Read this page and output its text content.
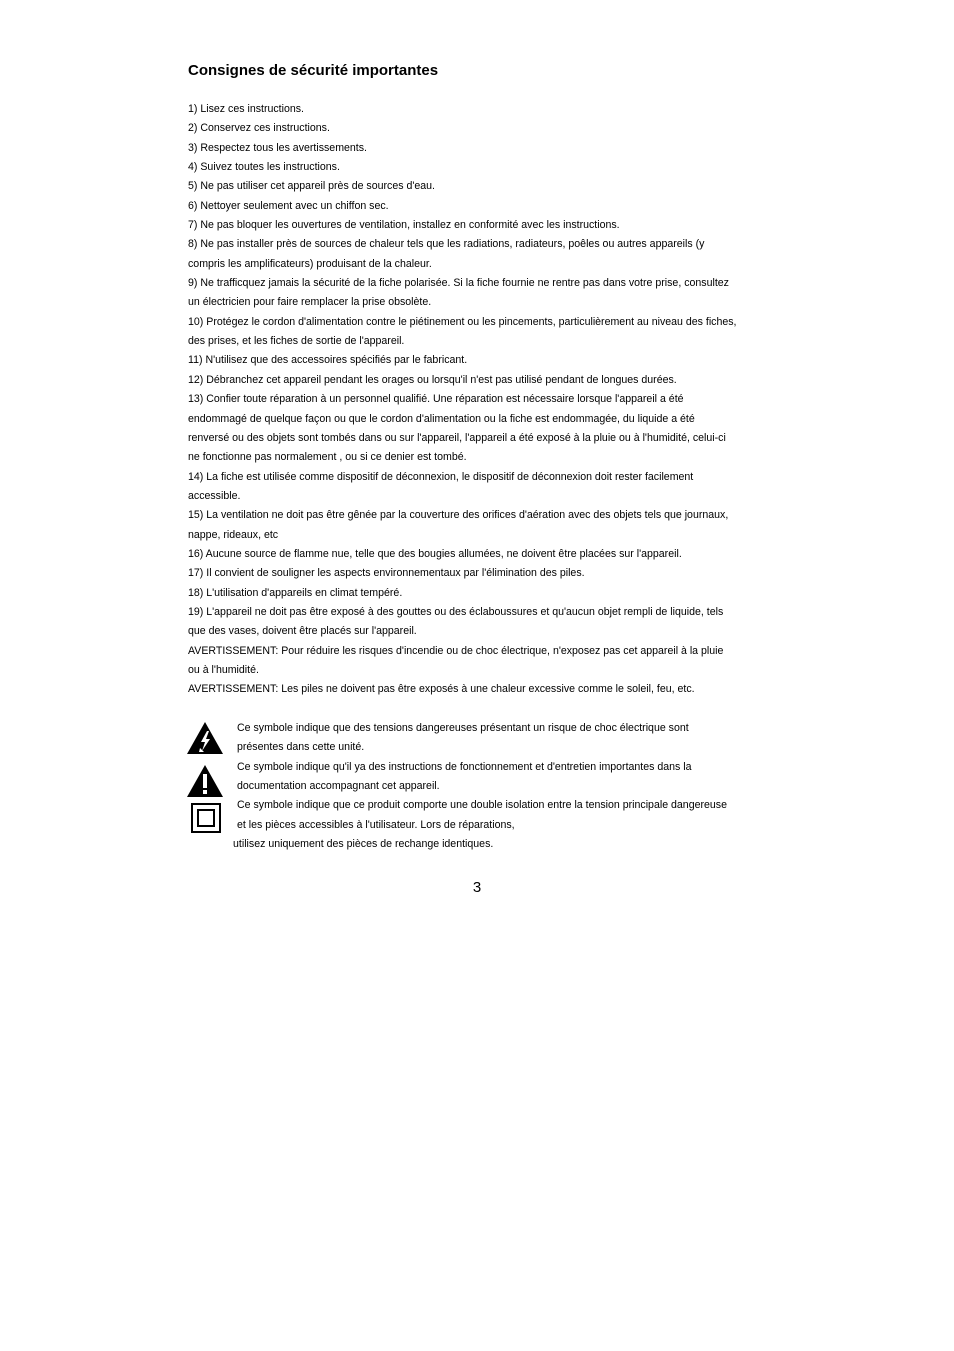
Consignes de sécurité importantes
1) Lisez ces instructions.
2) Conservez ces instructions.
3) Respectez tous les avertissements.
4) Suivez toutes les instructions.
5) Ne pas utiliser cet appareil près de sources d'eau.
6) Nettoyer seulement avec un chiffon sec.
7) Ne pas bloquer les ouvertures de ventilation, installez en conformité avec les instructions.
8) Ne pas installer près de sources de chaleur tels que les radiations, radiateurs, poêles ou autres appareils (y
compris les amplificateurs) produisant de la chaleur.
9) Ne trafficquez jamais la sécurité de la fiche polarisée. Si la fiche fournie ne rentre pas dans votre prise, consultez
un électricien pour faire remplacer la prise obsolète.
10) Protégez le cordon d'alimentation contre le piétinement ou les pincements, particulièrement au niveau des fiches,
des prises, et les fiches de sortie de l'appareil.
11) N'utilisez que des accessoires spécifiés par le fabricant.
12) Débranchez cet appareil pendant les orages ou lorsqu'il n'est pas utilisé pendant de longues durées.
13) Confier toute réparation à un personnel qualifié. Une réparation est nécessaire lorsque l'appareil a été
endommagé de quelque façon ou que le cordon d'alimentation ou la fiche est endommagée, du liquide a été
renversé ou des objets sont tombés dans ou sur l'appareil, l'appareil a été exposé à la pluie ou à l'humidité, celui-ci
ne fonctionne pas normalement , ou si ce denier est tombé.
14) La fiche est utilisée comme dispositif de déconnexion, le dispositif de déconnexion doit rester facilement
accessible.
15) La ventilation ne doit pas être gênée par la couverture des orifices d'aération avec des objets tels que journaux,
nappe, rideaux, etc
16) Aucune source de flamme nue, telle que des bougies allumées, ne doivent être placées sur l'appareil.
17) Il convient de souligner les aspects environnementaux par l'élimination des piles.
18) L'utilisation d'appareils en climat tempéré.
19) L'appareil ne doit pas être exposé à des gouttes ou des éclaboussures et qu'aucun objet rempli de liquide, tels
que des vases, doivent être placés sur l'appareil.
AVERTISSEMENT: Pour réduire les risques d'incendie ou de choc électrique, n'exposez pas cet appareil à la pluie
ou à l'humidité.
AVERTISSEMENT: Les piles ne doivent pas être exposés à une chaleur excessive comme le soleil, feu, etc.
Ce symbole indique que des tensions dangereuses présentant un risque de choc électrique sont
présentes dans cette unité.
Ce symbole indique qu'il ya des instructions de fonctionnement et d'entretien importantes dans la
documentation accompagnant cet appareil.
Ce symbole indique que ce produit comporte une double isolation entre la tension principale dangereuse
et les pièces accessibles à l'utilisateur. Lors de réparations,
utilisez uniquement des pièces de rechange identiques.
3
